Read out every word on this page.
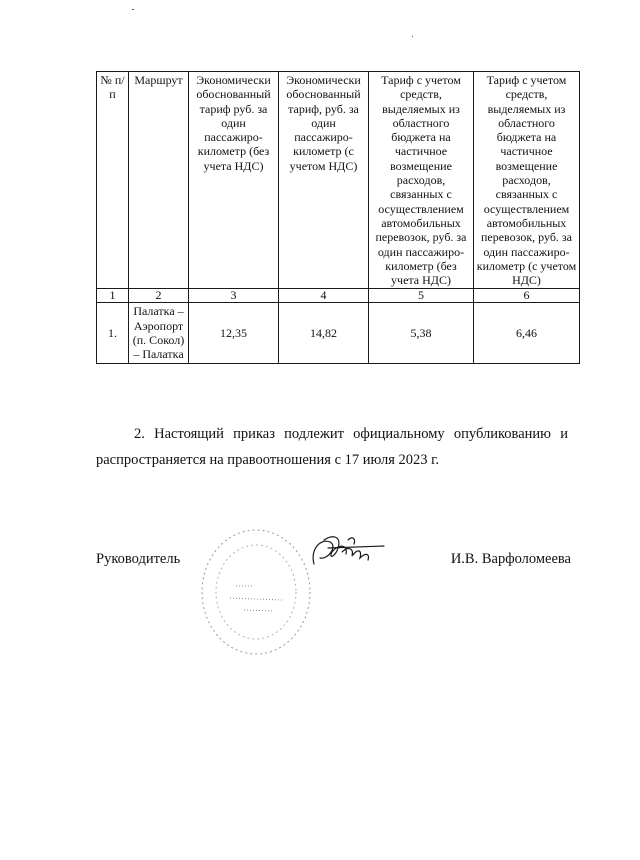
№ п/п	Маршрут	Экономически обоснованный тариф руб. за один пассажиро-километр (без учета НДС)	Экономически обоснованный тариф, руб. за один пассажиро-километр (с учетом НДС)	Тариф с учетом средств, выделяемых из областного бюджета на частичное возмещение расходов, связанных с осуществлением автомобильных перевозок, руб. за один пассажиро-километр (без учета НДС)	Тариф с учетом средств, выделяемых из областного бюджета на частичное возмещение расходов, связанных с осуществлением автомобильных перевозок, руб. за один пассажиро-километр (с учетом НДС)
1	2	3	4	5	6
1.	Палатка – Аэропорт (п. Сокол) – Палатка	12,35	14,82	5,38	6,46
2. Настоящий приказ подлежит официальному опубликованию и
распространяется на правоотношения с 17 июля 2023 г.
Руководитель	И.В. Варфоломеева
